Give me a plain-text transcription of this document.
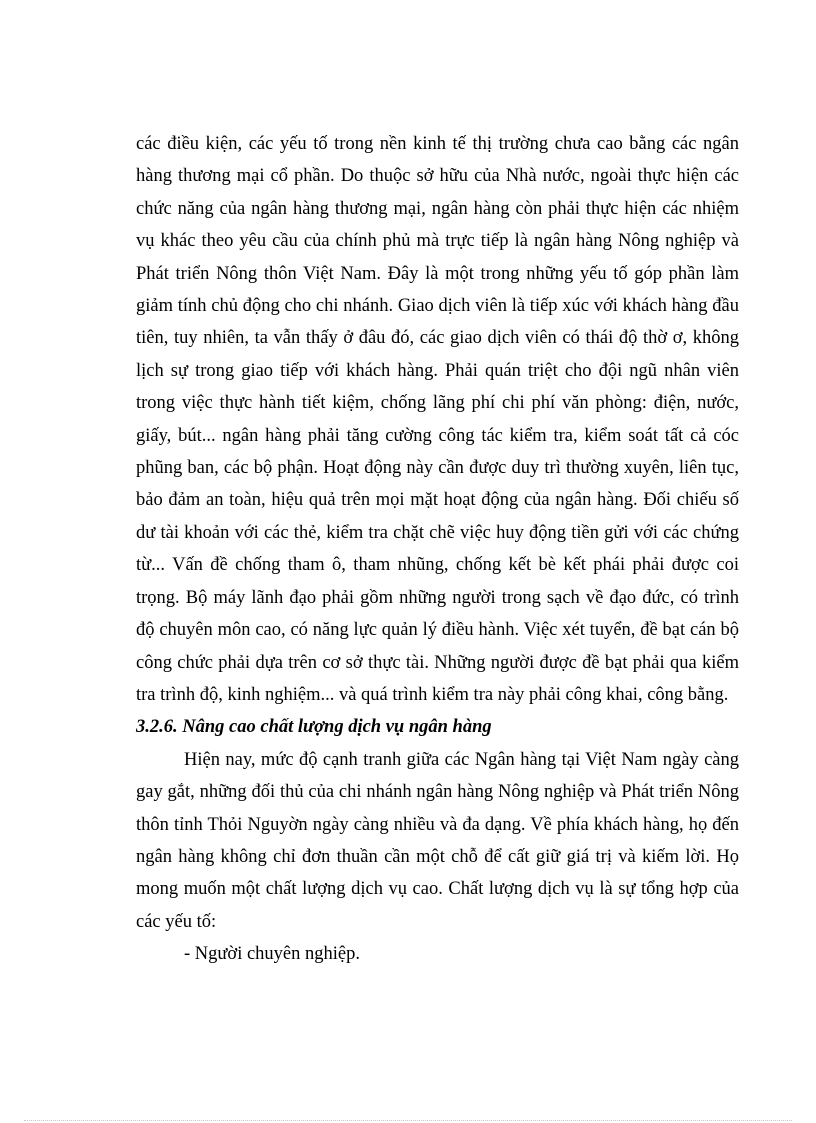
các điều kiện, các yếu tố trong nền kinh tế thị trường chưa cao bằng các ngân hàng thương mại cổ phần. Do thuộc sở hữu của Nhà nước, ngoài thực hiện các chức năng của ngân hàng thương mại, ngân hàng còn phải thực hiện các nhiệm vụ khác theo yêu cầu của chính phủ mà trực tiếp là ngân hàng Nông nghiệp và Phát triển Nông thôn Việt Nam. Đây là một trong những yếu tố góp phần làm giảm tính chủ động cho chi nhánh. Giao dịch viên là tiếp xúc với khách hàng đầu tiên, tuy nhiên, ta vẫn thấy ở đâu đó, các giao dịch viên có thái độ thờ ơ, không lịch sự trong giao tiếp với khách hàng. Phải quán triệt cho đội ngũ nhân viên trong việc thực hành tiết kiệm, chống lãng phí chi phí văn phòng: điện, nước, giấy, bút... ngân hàng phải tăng cường công tác kiểm tra, kiểm soát tất cả cóc phũng ban, các bộ phận. Hoạt động này cần được duy trì thường xuyên, liên tục, bảo đảm an toàn, hiệu quả trên mọi mặt hoạt động của ngân hàng. Đối chiếu số dư tài khoản với các thẻ, kiểm tra chặt chẽ việc huy động tiền gửi với các chứng từ... Vấn đề chống tham ô, tham nhũng, chống kết bè kết phái phải được coi trọng. Bộ máy lãnh đạo phải gồm những người trong sạch về đạo đức, có trình độ chuyên môn cao, có năng lực quản lý điều hành. Việc xét tuyển, đề bạt cán bộ công chức phải dựa trên cơ sở thực tài. Những người được đề bạt phải qua kiểm tra trình độ, kinh nghiệm... và quá trình kiểm tra này phải công khai, công bằng.

3.2.6. Nâng cao chất lượng dịch vụ ngân hàng

Hiện nay, mức độ cạnh tranh giữa các Ngân hàng tại Việt Nam ngày càng gay gắt, những đối thủ của chi nhánh ngân hàng Nông nghiệp và Phát triển Nông thôn tỉnh Thỏi Nguyờn ngày càng nhiều và đa dạng. Về phía khách hàng, họ đến ngân hàng không chỉ đơn thuần cần một chỗ để cất giữ giá trị và kiếm lời. Họ mong muốn một chất lượng dịch vụ cao. Chất lượng dịch vụ là sự tổng hợp của các yếu tố:

- Người chuyên nghiệp.
